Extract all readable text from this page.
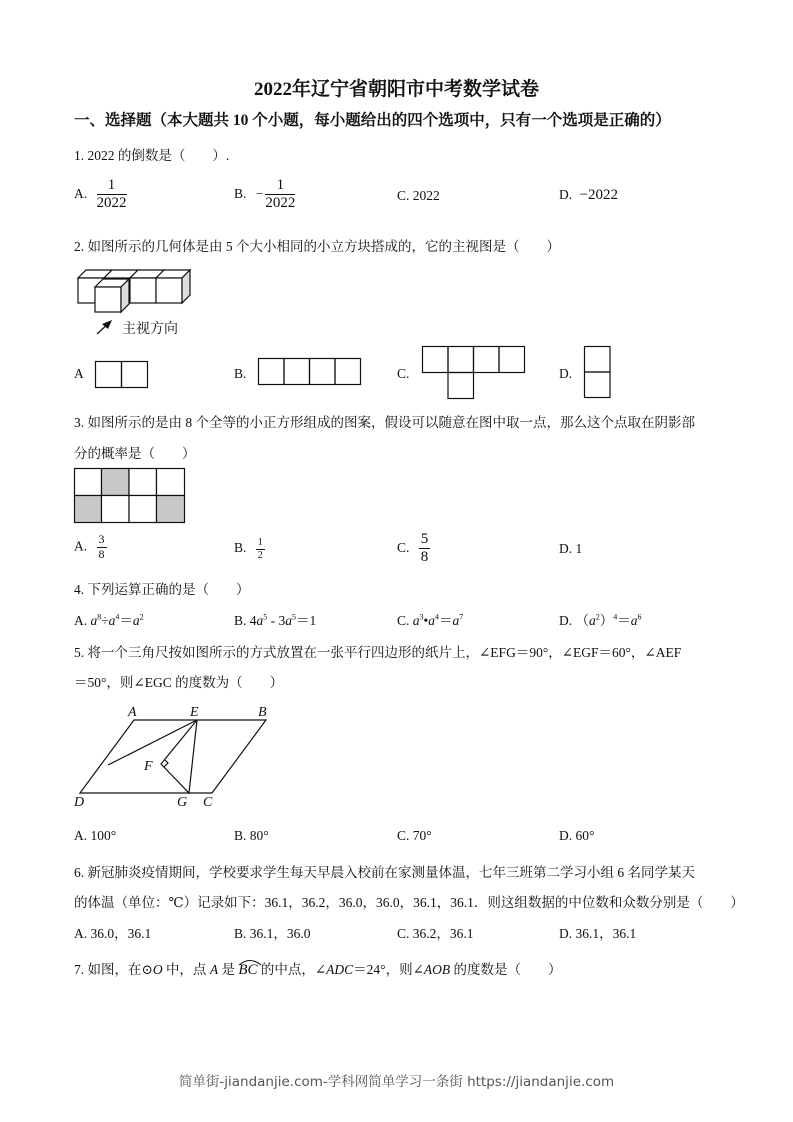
2022年辽宁省朝阳市中考数学试卷
一、选择题（本大题共 10 个小题，每小题给出的四个选项中，只有一个选项是正确的）
1. 2022 的倒数是（　　）.
A. $\frac{1}{2022}$	B. − $\frac{1}{2022}$	C. 2022	D. −2022
2. 如图所示的几何体是由 5 个大小相同的小立方块搭成的，它的主视图是（　　）
主视方向
A	B.	C.	D.
3. 如图所示的是由 8 个全等的小正方形组成的图案，假设可以随意在图中取一点，那么这个点取在阴影部
分的概率是（　　）
A. $\frac{3}{8}$	B. $\frac{1}{2}$	C. $\frac{5}{8}$	D. 1
4. 下列运算正确的是（　　）
A. $a^8\div a^4=a^2$	B. $4a^5 - 3a^5=1$	C. $a^3•a^4=a^7$	D. $(a^2)^4=a^6$
5. 将一个三角尺按如图所示的方式放置在一张平行四边形的纸片上，∠EFG＝90°，∠EGF＝60°，∠AEF
＝50°，则∠EGC 的度数为（　　）
A	E	B
F
D	G C
A. 100°	B. 80°	C. 70°	D. 60°
6. 新冠肺炎疫情期间，学校要求学生每天早晨入校前在家测量体温，七年三班第二学习小组 6 名同学某天
的体温（单位：℃）记录如下：36.1，36.2，36.0，36.0，36.1，36.1．则这组数据的中位数和众数分别是（　　）
A. 36.0，36.1	B. 36.1，36.0	C. 36.2，36.1	D. 36.1，36.1
7. 如图，在⊙O 中，点 A 是 BC
的中点，∠ADC＝24°，则∠AOB 的度数是（　　）
简单街-jiandanjie.com-学科网简单学习一条街 https://jiandanjie.com
